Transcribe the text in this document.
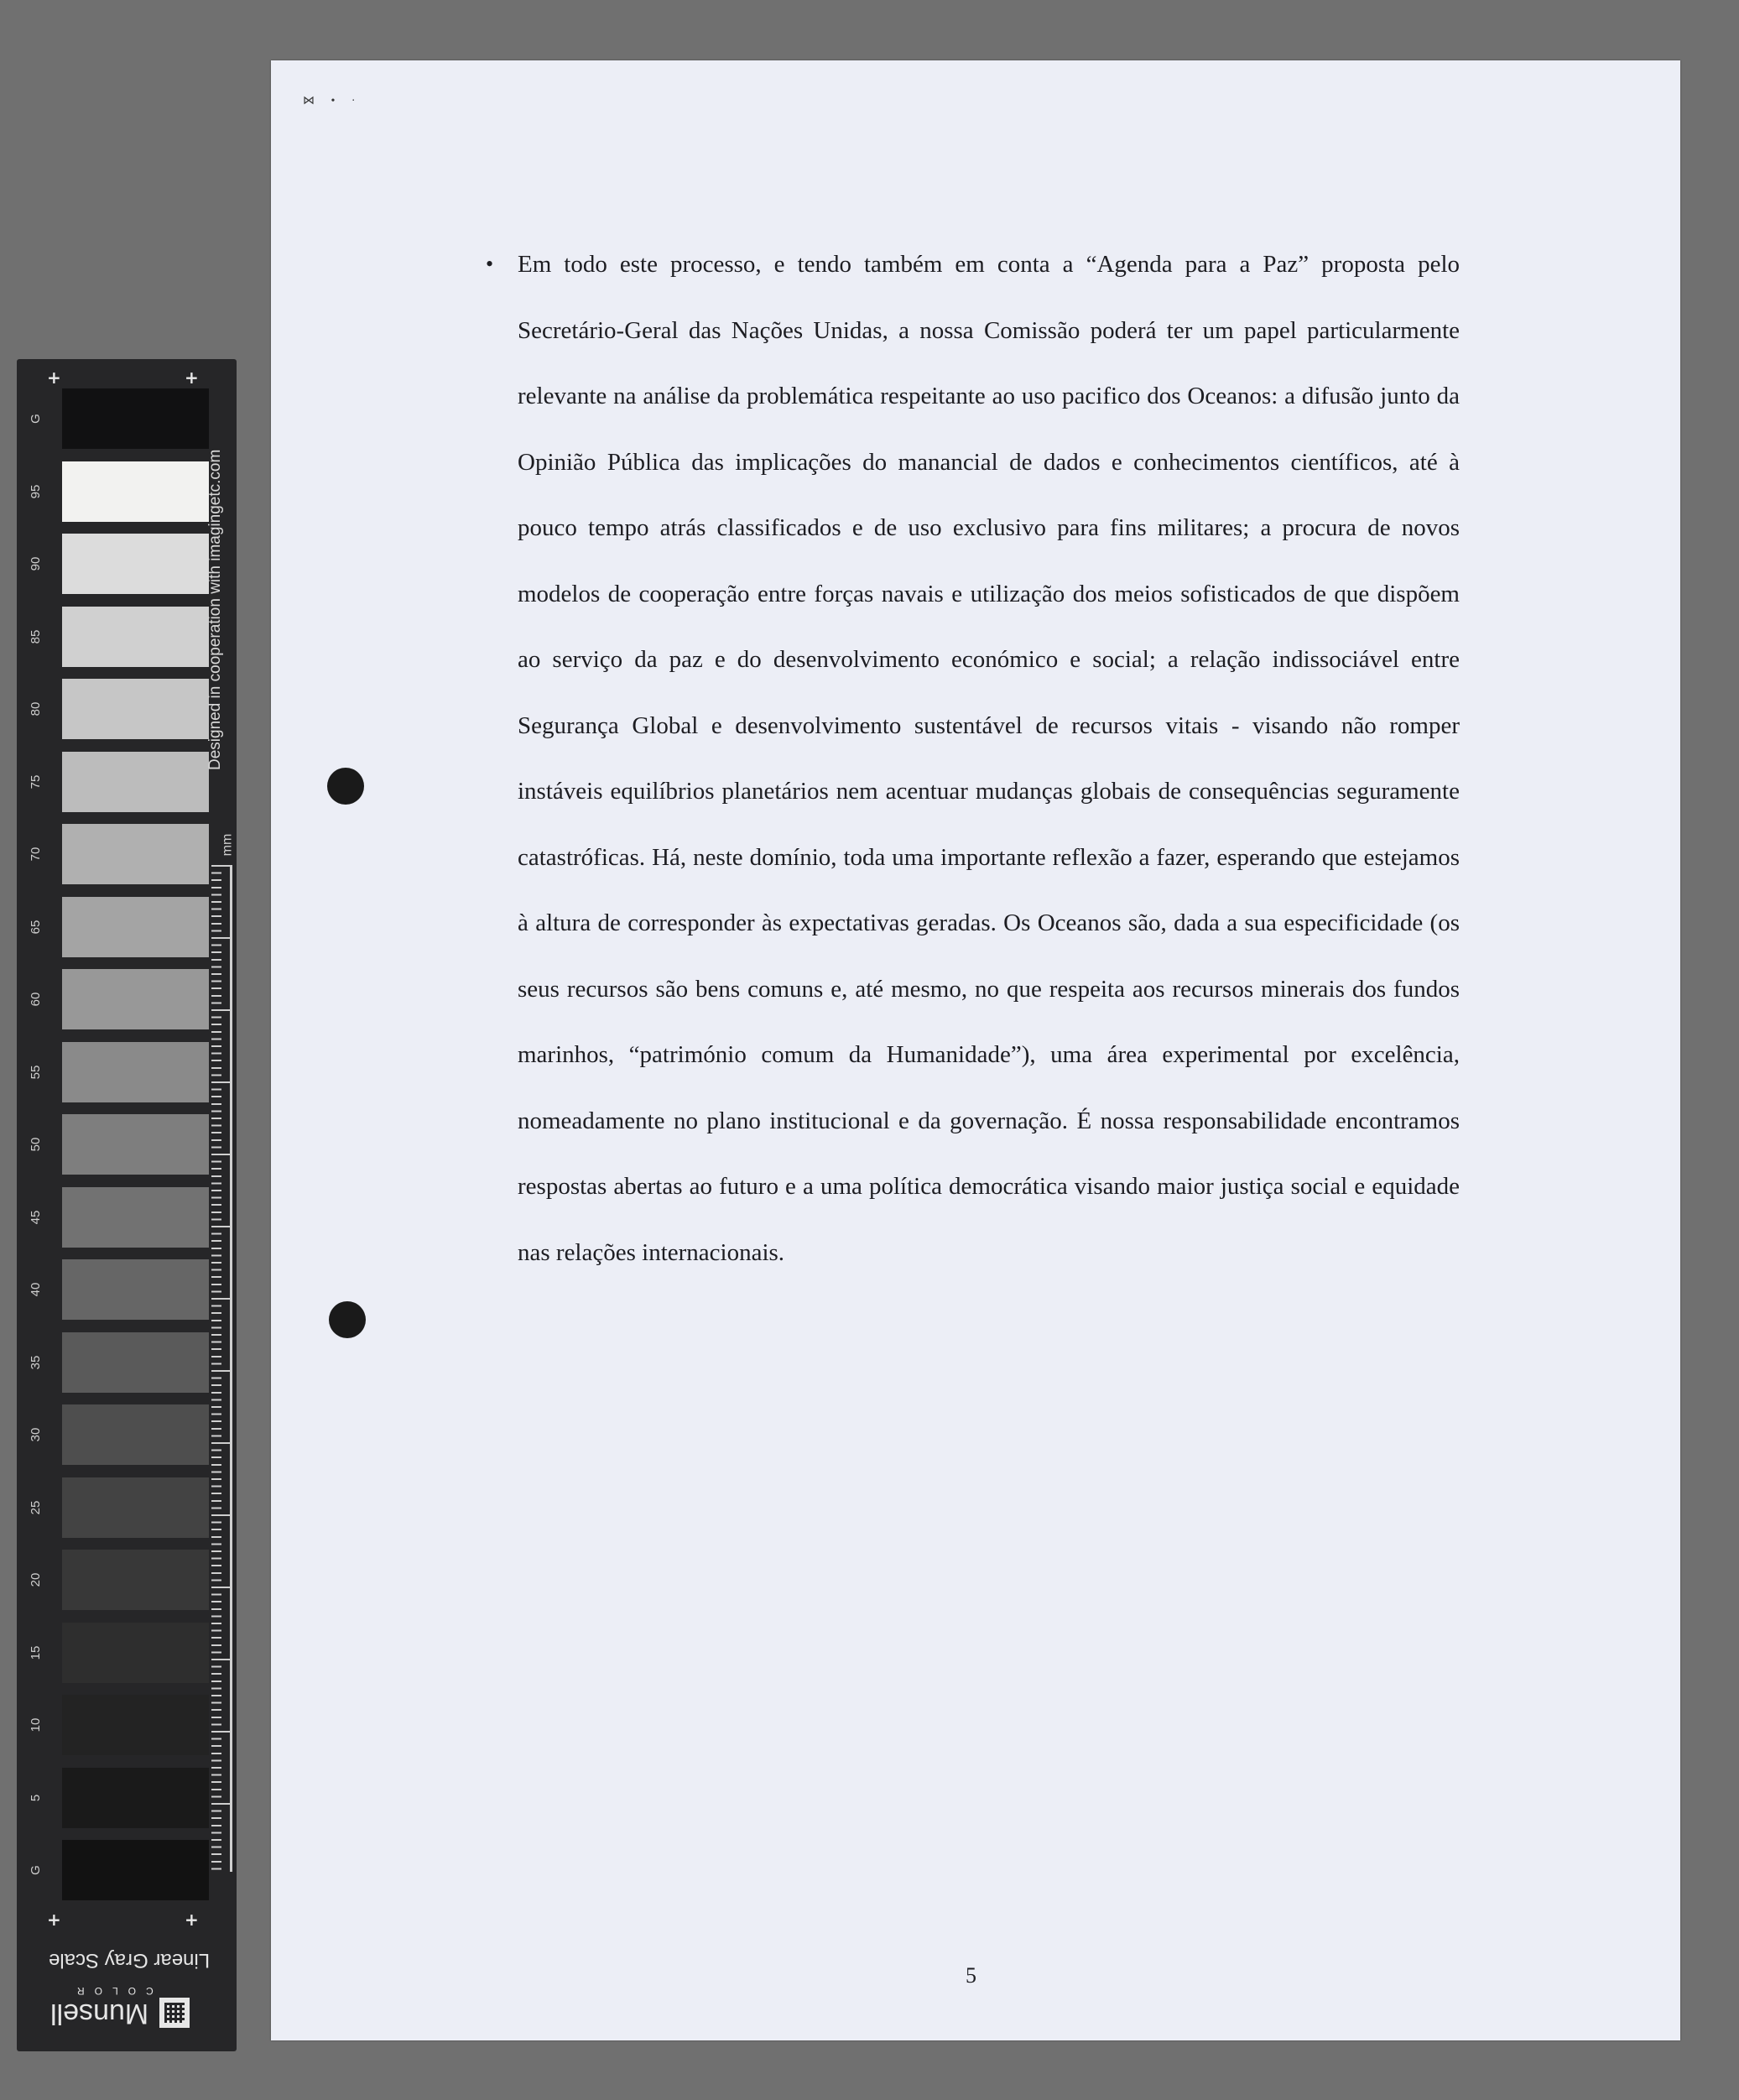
G
95
90
85
80
75
70
65
60
55
50
45
40
35
30
25
20
15
10
5
G
mm
Designed in cooperation with imagingetc.com
+	+
+	+
Linear Gray Scale
Munsell
COLOR
⋈ • ·
• Em todo este processo, e tendo também em conta a “Agenda para a Paz” proposta pelo Secretário-Geral das Nações Unidas, a nossa Comissão poderá ter um papel particularmente relevante na análise da problemática respeitante ao uso pacifico dos Oceanos: a difusão junto da Opinião Pública das implicações do manancial de dados e conhecimentos científicos, até à pouco tempo atrás classificados e de uso exclusivo para fins militares; a procura de novos modelos de cooperação entre forças navais e utilização dos meios sofisticados de que dispõem ao serviço da paz e do desenvolvimento económico e social; a relação indissociável entre Segurança Global e desenvolvimento sustentável de recursos vitais - visando não romper instáveis equilíbrios planetários nem acentuar mudanças globais de consequências seguramente catastróficas. Há, neste domínio, toda uma importante reflexão a fazer, esperando que estejamos à altura de corresponder às expectativas geradas. Os Oceanos são, dada a sua especificidade (os seus recursos são bens comuns e, até mesmo, no que respeita aos recursos minerais dos fundos marinhos, “património comum da Humanidade”), uma área experimental por excelência, nomeadamente no plano institucional e da governação. É nossa responsabilidade encontramos respostas abertas ao futuro e a uma política democrática visando maior justiça social e equidade nas relações internacionais.
5
